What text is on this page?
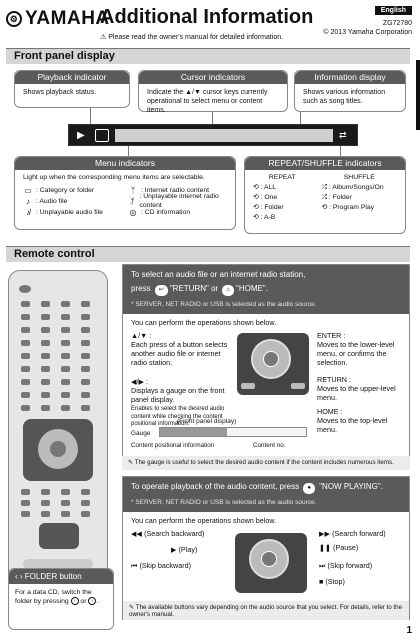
⚙ YAMAHA
Additional Information
⚠ Please read the owner's manual for detailed information.
English
ZG72780
© 2013 Yamaha Corporation
Front panel display
Playback indicator
Shows playback status.
Cursor indicators
Indicate the ▲/▼ cursor keys currently operational to select menu or content items.
Information display
Shows various information such as song titles.
▶	⇄
Menu indicators
Light up when the corresponding menu items are selectable.
▭ : Category or folder	ᛉ : Internet radio content
♪ : Audio file	ᛉ̸ : Unplayable internet radio content
♪̸ : Unplayable audio file	◎ : CD information
REPEAT/SHUFFLE indicators
REPEAT
⟲ : ALL
⟲ : One
⟲ : Folder
⟲ : A-B
SHUFFLE
⤮ : Album/Songs/On
⤮ : Folder
⟲ : Program Play
Remote control
To select an audio file or an internet radio station,
press ↩ "RETURN" or ⌂ "HOME".
* SERVER, NET RADIO or USB is selected as the audio source.
You can perform the operations shown below.
▲/▼ :
Each press of a button selects another audio file or internet radio station.
◀/▶ :
Displays a gauge on the front panel display.
Enables to select the desired audio content while checking the content positional information.
ENTER :
Moves to the lower-level menu, or confirms the selection.
RETURN :
Moves to the upper-level menu.
HOME :
Moves to the top-level menu.
(Front panel display)
Gauge
Content positional information	Content no.
✎ The gauge is useful to select the desired audio content if the content includes numerous items.
To operate playback of the audio content, press ● "NOW PLAYING".
* SERVER, NET RADIO or USB is selected as the audio source.
You can perform the operations shown below.
◀◀ (Search backward)
▶ (Play)
⏮ (Skip backward)
▶▶ (Search forward)
❚❚ (Pause)
⏭ (Skip forward)
■ (Stop)
✎ The available buttons vary depending on the audio source that you select. For details, refer to the owner's manual.
‹ › FOLDER button
For a data CD, switch the folder by pressing ‹ or › .
1
